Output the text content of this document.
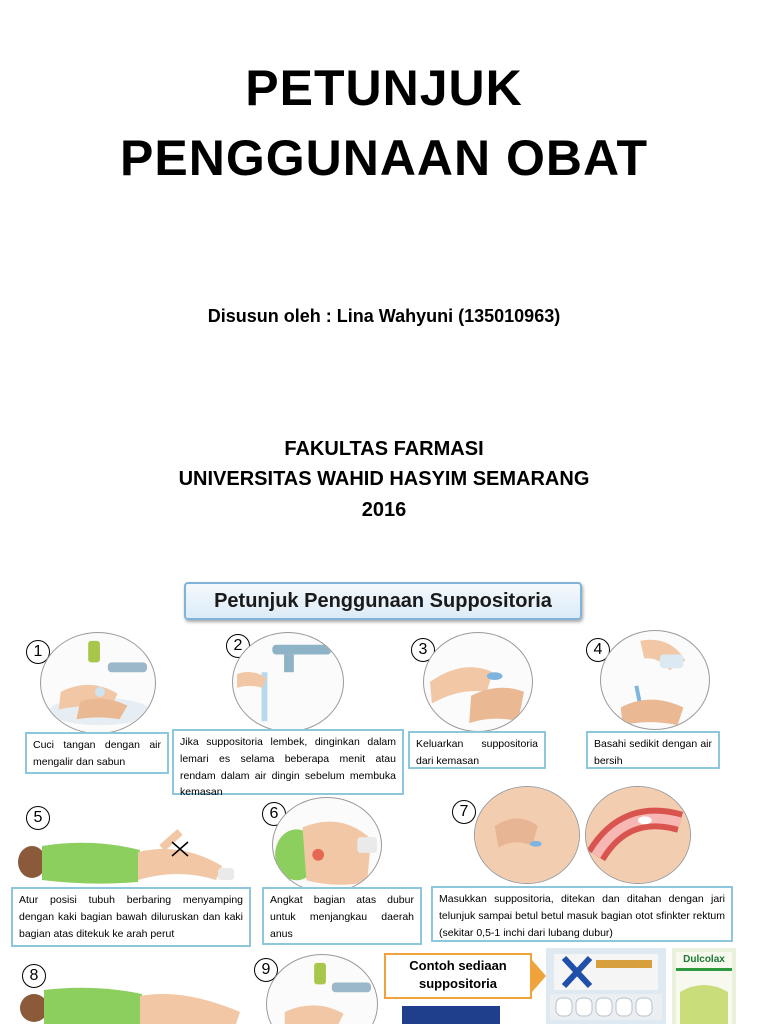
PETUNJUK
PENGGUNAAN OBAT
Disusun oleh : Lina Wahyuni (135010963)
FAKULTAS FARMASI
UNIVERSITAS WAHID HASYIM SEMARANG
2016
Petunjuk Penggunaan Suppositoria
1
Cuci tangan dengan air mengalir dan sabun
2
Jika suppositoria lembek, dinginkan dalam lemari es selama beberapa menit atau rendam dalam air dingin sebelum membuka kemasan
3
Keluarkan suppositoria dari kemasan
4
Basahi sedikit dengan air bersih
5
Atur posisi tubuh berbaring menyamping dengan kaki bagian bawah diluruskan dan kaki bagian atas ditekuk ke arah perut
6
Angkat bagian atas dubur untuk menjangkau daerah anus
7
Masukkan suppositoria, ditekan dan ditahan dengan jari telunjuk sampai betul betul masuk bagian otot sfinkter rektum (sekitar 0,5-1 inchi dari lubang dubur)
8	9	Contoh sediaan suppositoria
Dulcolax
